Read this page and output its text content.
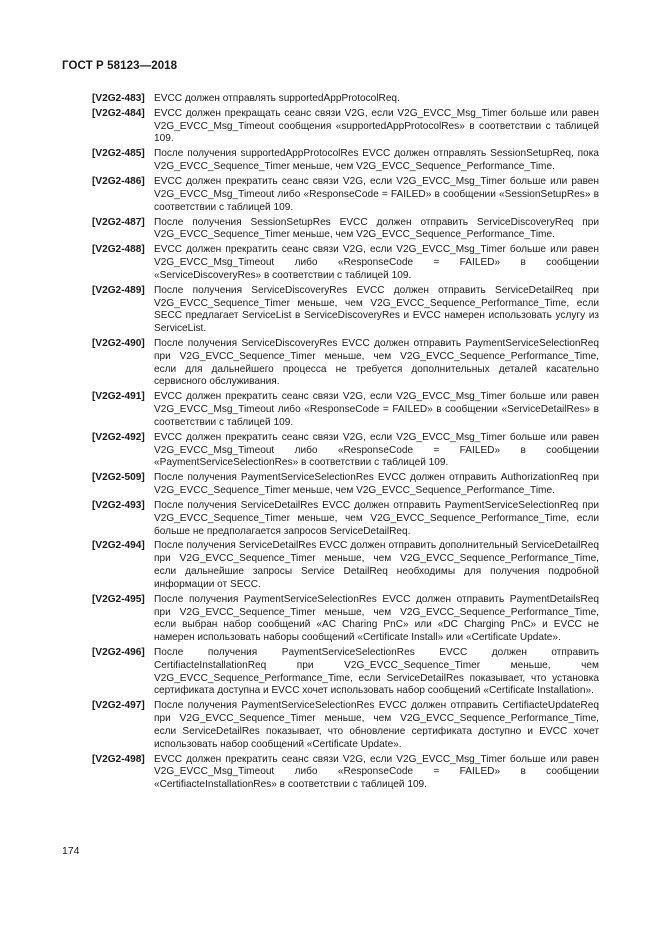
ГОСТ Р 58123—2018
[V2G2-483] EVCC должен отправлять supportedAppProtocolReq.
[V2G2-484] EVCC должен прекращать сеанс связи V2G, если V2G_EVCC_Msg_Timer больше или равен V2G_EVCC_Msg_Timeout сообщения «supportedAppProtocolRes» в соответствии с таблицей 109.
[V2G2-485] После получения supportedAppProtocolRes EVCC должен отправлять SessionSetupReq, пока V2G_EVCC_Sequence_Timer меньше, чем V2G_EVCC_Sequence_Performance_Time.
[V2G2-486] EVCC должен прекратить сеанс связи V2G, если V2G_EVCC_Msg_Timer больше или равен V2G_EVCC_Msg_Timeout либо «ResponseCode = FAILED» в сообщении «SessionSetupRes» в соответствии с таблицей 109.
[V2G2-487] После получения SessionSetupRes EVCC должен отправить ServiceDiscoveryReq при V2G_EVCC_Sequence_Timer меньше, чем V2G_EVCC_Sequence_Performance_Time.
[V2G2-488] EVCC должен прекратить сеанс связи V2G, если V2G_EVCC_Msg_Timer больше или равен V2G_EVCC_Msg_Timeout либо «ResponseCode = FAILED» в сообщении «ServiceDiscoveryRes» в соответствии с таблицей 109.
[V2G2-489] После получения ServiceDiscoveryRes EVCC должен отправить ServiceDetailReq при V2G_EVCC_Sequence_Timer меньше, чем V2G_EVCC_Sequence_Performance_Time, если SECC предлагает ServiceList в ServiceDiscoveryRes и EVCC намерен использовать услугу из ServiceList.
[V2G2-490] После получения ServiceDiscoveryRes EVCC должен отправить PaymentServiceSelectionReq при V2G_EVCC_Sequence_Timer меньше, чем V2G_EVCC_Sequence_Performance_Time, если для дальнейшего процесса не требуется дополнительных деталей касательно сервисного обслуживания.
[V2G2-491] EVCC должен прекратить сеанс связи V2G, если V2G_EVCC_Msg_Timer больше или равен V2G_EVCC_Msg_Timeout либо «ResponseCode = FAILED» в сообщении «ServiceDetailRes» в соответствии с таблицей 109.
[V2G2-492] EVCC должен прекратить сеанс связи V2G, если V2G_EVCC_Msg_Timer больше или равен V2G_EVCC_Msg_Timeout либо «ResponseCode = FAILED» в сообщении «PaymentServiceSelectionRes» в соответствии с таблицей 109.
[V2G2-509] После получения PaymentServiceSelectionRes EVCC должен отправить AuthorizationReq при V2G_EVCC_Sequence_Timer меньше, чем V2G_EVCC_Sequence_Performance_Time.
[V2G2-493] После получения ServiceDetailRes EVCC должен отправить PaymentServiceSelectionReq при V2G_EVCC_Sequence_Timer меньше, чем V2G_EVCC_Sequence_Performance_Time, если больше не предполагается запросов ServiceDetailReq.
[V2G2-494] После получения ServiceDetailRes EVCC должен отправить дополнительный ServiceDetailReq при V2G_EVCC_Sequence_Timer меньше, чем V2G_EVCC_Sequence_Performance_Time, если дальнейшие запросы Service DetailReq необходимы для получения подробной информации от SECC.
[V2G2-495] После получения PaymentServiceSelectionRes EVCC должен отправить PaymentDetailsReq при V2G_EVCC_Sequence_Timer меньше, чем V2G_EVCC_Sequence_Performance_Time, если выбран набор сообщений «AC Charing PnC» или «DC Charging PnC» и EVCC не намерен использовать наборы сообщений «Certificate Install» или «Certificate Update».
[V2G2-496] После получения PaymentServiceSelectionRes EVCC должен отправить CertifiacteInstallationReq при V2G_EVCC_Sequence_Timer меньше, чем V2G_EVCC_Sequence_Performance_Time, если ServiceDetailRes показывает, что установка сертификата доступна и EVCC хочет использовать набор сообщений «Certificate Installation».
[V2G2-497] После получения PaymentServiceSelectionRes EVCC должен отправить CertifiacteUpdateReq при V2G_EVCC_Sequence_Timer меньше, чем V2G_EVCC_Sequence_Performance_Time, если ServiceDetailRes показывает, что обновление сертификата доступно и EVCC хочет использовать набор сообщений «Certificate Update».
[V2G2-498] EVCC должен прекратить сеанс связи V2G, если V2G_EVCC_Msg_Timer больше или равен V2G_EVCC_Msg_Timeout либо «ResponseCode = FAILED» в сообщении «CertifiacteInstallationRes» в соответствии с таблицей 109.
174
